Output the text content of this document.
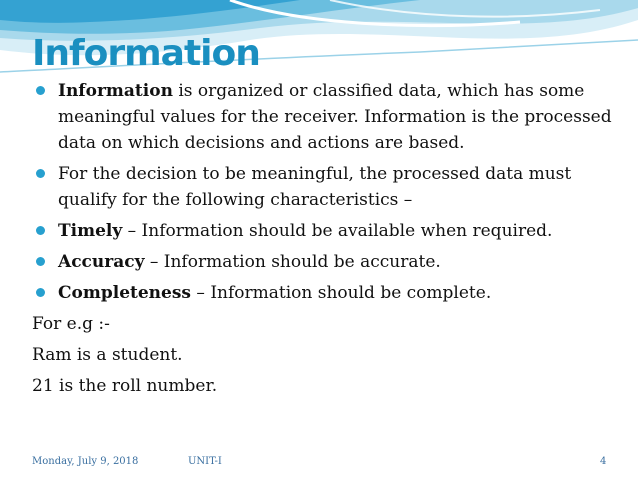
Information
Information is organized or classified data, which has some meaningful values for the receiver. Information is the processed data on which decisions and actions are based.
For the decision to be meaningful, the processed data must qualify for the following characteristics –
Timely – Information should be available when required.
Accuracy – Information should be accurate.
Completeness – Information should be complete.
For e.g :-
Ram is a student.
21 is the roll number.
Monday, July 9, 2018	UNIT-I	4
